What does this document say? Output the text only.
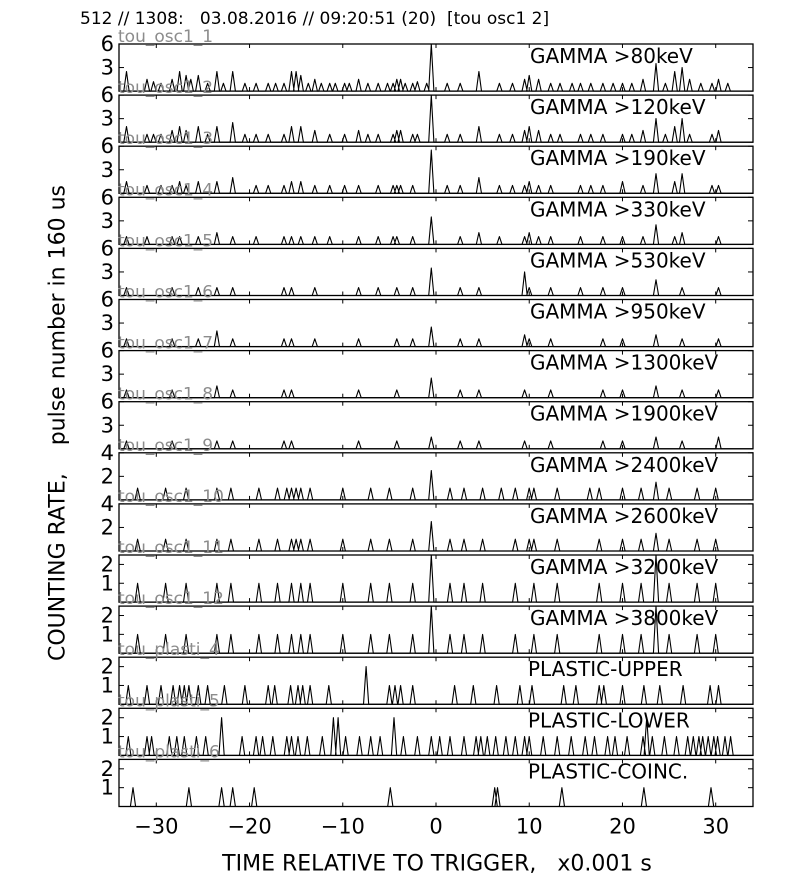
512 // 1308:   03.08.2016 // 09:20:51 (20)  [tou osc1 2]
COUNTING RATE,    pulse number in 160 us
TIME RELATIVE TO TRIGGER,   x0.001 s
3
6	GAMMA >80keV
tou_osc1_1
3
6	GAMMA >120keV
tou_osc1_2
3
6	GAMMA >190keV
tou_osc1_3
3
6	GAMMA >330keV
tou_osc1_4
3
6	GAMMA >530keV
tou_osc1_5
3
6	GAMMA >950keV
tou_osc1_6
3
6	GAMMA >1300keV
tou_osc1_7
3
6	GAMMA >1900keV
tou_osc1_8
2
4	GAMMA >2400keV
tou_osc1_9
2
4	GAMMA >2600keV
tou_osc1_10
1
2	GAMMA >3200keV
tou_osc1_11
1
2	GAMMA >3800keV
tou_osc1_12
1
2	PLASTIC-UPPER
tou_plasti_4
1
2	PLASTIC-LOWER
tou_plasti_5
1
2	PLASTIC-COINC.
tou_plasti_6
−30 −20 −10	0	10	20	30
